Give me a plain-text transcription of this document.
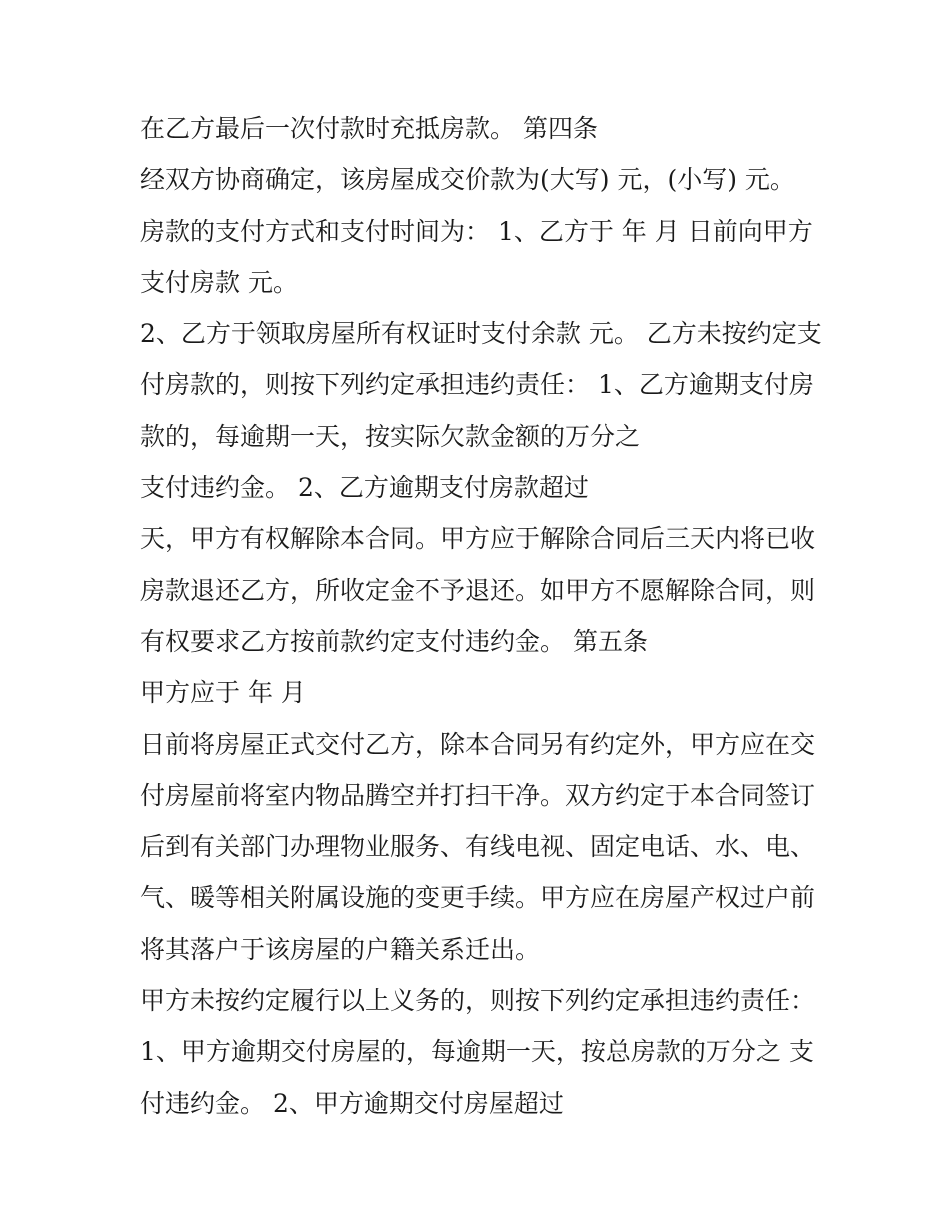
在乙方最后一次付款时充抵房款。 第四条
经双方协商确定，该房屋成交价款为(大写) 元，(小写) 元。
房款的支付方式和支付时间为： 1、乙方于 年 月 日前向甲方
支付房款 元。
2、乙方于领取房屋所有权证时支付余款 元。 乙方未按约定支
付房款的，则按下列约定承担违约责任： 1、乙方逾期支付房
款的，每逾期一天，按实际欠款金额的万分之
支付违约金。 2、乙方逾期支付房款超过
天，甲方有权解除本合同。甲方应于解除合同后三天内将已收
房款退还乙方，所收定金不予退还。如甲方不愿解除合同，则
有权要求乙方按前款约定支付违约金。 第五条
甲方应于 年 月
日前将房屋正式交付乙方，除本合同另有约定外，甲方应在交
付房屋前将室内物品腾空并打扫干净。双方约定于本合同签订
后到有关部门办理物业服务、有线电视、固定电话、水、电、
气、暖等相关附属设施的变更手续。甲方应在房屋产权过户前
将其落户于该房屋的户籍关系迁出。
甲方未按约定履行以上义务的，则按下列约定承担违约责任：
1、甲方逾期交付房屋的，每逾期一天，按总房款的万分之 支
付违约金。 2、甲方逾期交付房屋超过
